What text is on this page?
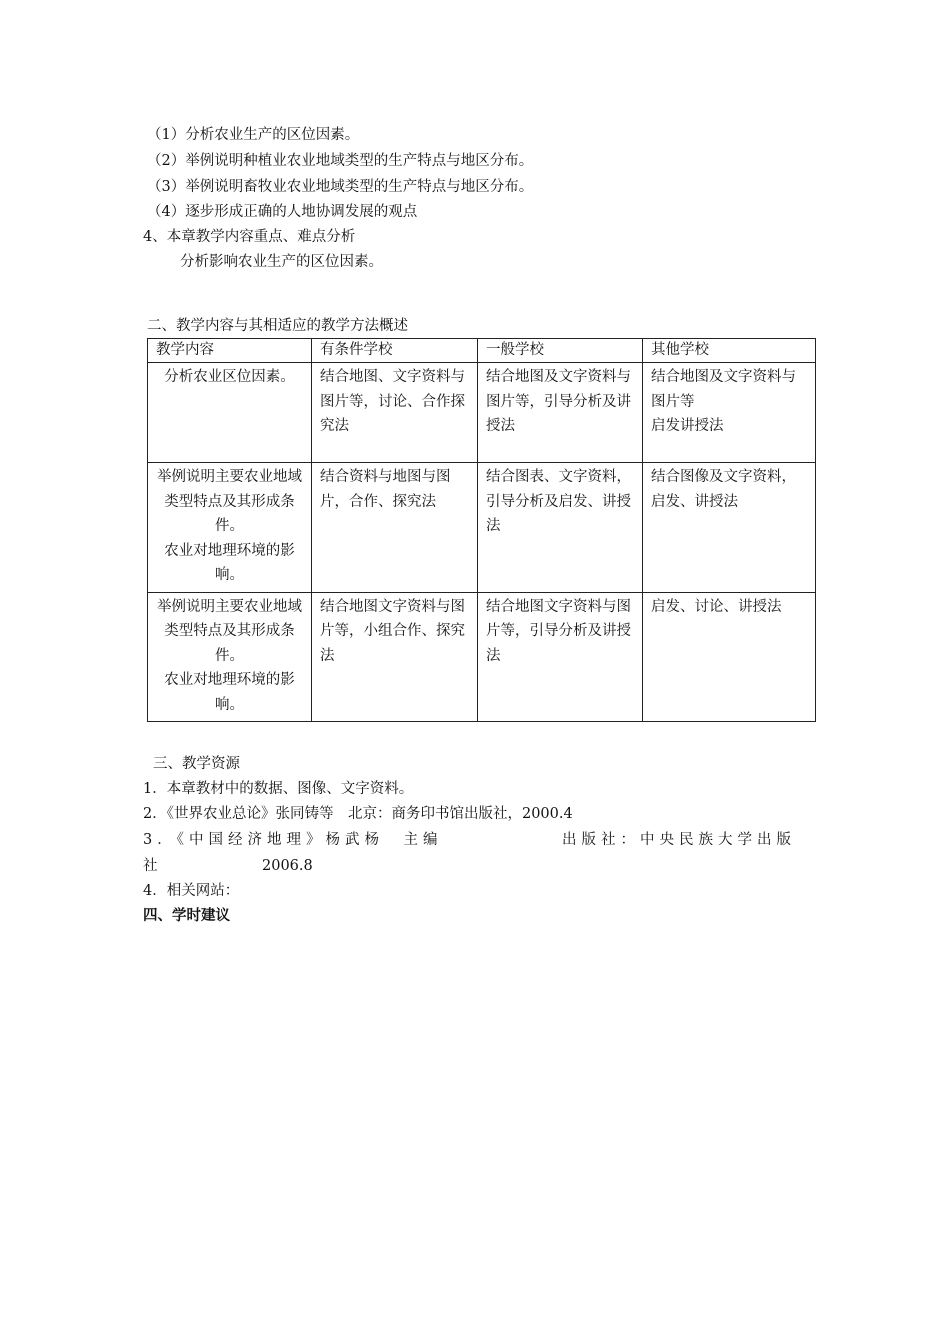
（1）分析农业生产的区位因素。
（2）举例说明种植业农业地域类型的生产特点与地区分布。
（3）举例说明畜牧业农业地域类型的生产特点与地区分布。
（4）逐步形成正确的人地协调发展的观点
4、本章教学内容重点、难点分析
分析影响农业生产的区位因素。
二、教学内容与其相适应的教学方法概述
教学内容	有条件学校	一般学校	其他学校
分析农业区位因素。	结合地图、文字资料与图片等，讨论、合作探究法	结合地图及文字资料与图片等，引导分析及讲授法	结合地图及文字资料与图片等
启发讲授法
举例说明主要农业地域类型特点及其形成条件。
农业对地理环境的影响。	结合资料与地图与图片，合作、探究法	结合图表、文字资料，引导分析及启发、讲授法	结合图像及文字资料，启发、讲授法
举例说明主要农业地域类型特点及其形成条件。
农业对地理环境的影响。	结合地图文字资料与图片等，小组合作、探究法	结合地图文字资料与图片等，引导分析及讲授法	启发、讨论、讲授法
三、教学资源
1．本章教材中的数据、图像、文字资料。
2．《世界农业总论》张同铸等　北京：商务印书馆出版社，2000.4
3．《中国经济地理》杨武杨　主编	出版社：中央民族大学出版
社	2006.8
4．相关网站：
四、学时建议
